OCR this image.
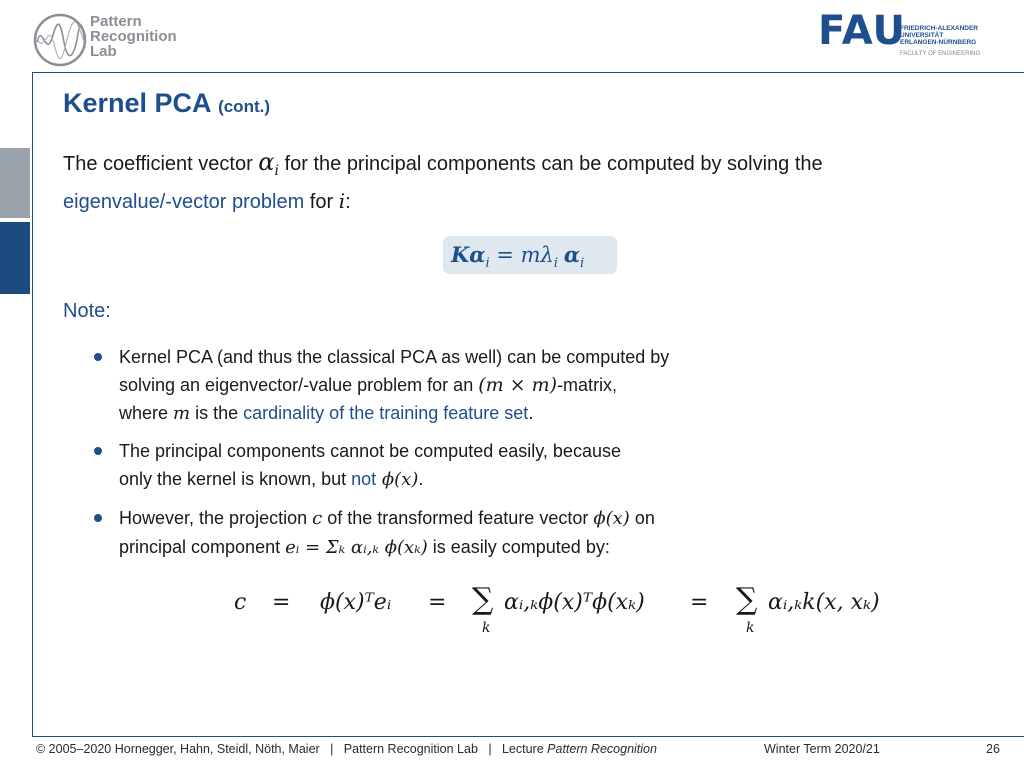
Pattern
Recognition
Lab	FAU
FRIEDRICH-ALEXANDER
UNIVERSITÄT
ERLANGEN-NÜRNBERG
FACULTY OF ENGINEERING
Kernel PCA (cont.)
The coefficient vector $\alpha_i$ for the principal components can be computed by solving the
eigenvalue/-vector problem for i:
$K\alpha_i = m\lambda_i$ $\alpha_i$
Note:
Kernel PCA (and thus the classical PCA as well) can be computed by
solving an eigenvector/-value problem for an (m × m)-matrix,
where m is the cardinality of the training feature set.
The principal components cannot be computed easily, because
only the kernel is known, but not ϕ(x).
However, the projection c of the transformed feature vector ϕ(x) on
principal component eᵢ = Σₖ αᵢ,ₖ ϕ(xₖ) is easily computed by:
c = ϕ(x)ᵀeᵢ = ∑
k
αᵢ,ₖϕ(x)ᵀϕ(xₖ) = ∑
k
αᵢ,ₖk(x, xₖ)
© 2005–2020 Hornegger, Hahn, Steidl, Nöth, Maier   |   Pattern Recognition Lab   |   Lecture Pattern Recognition	Winter Term 2020/21	26
